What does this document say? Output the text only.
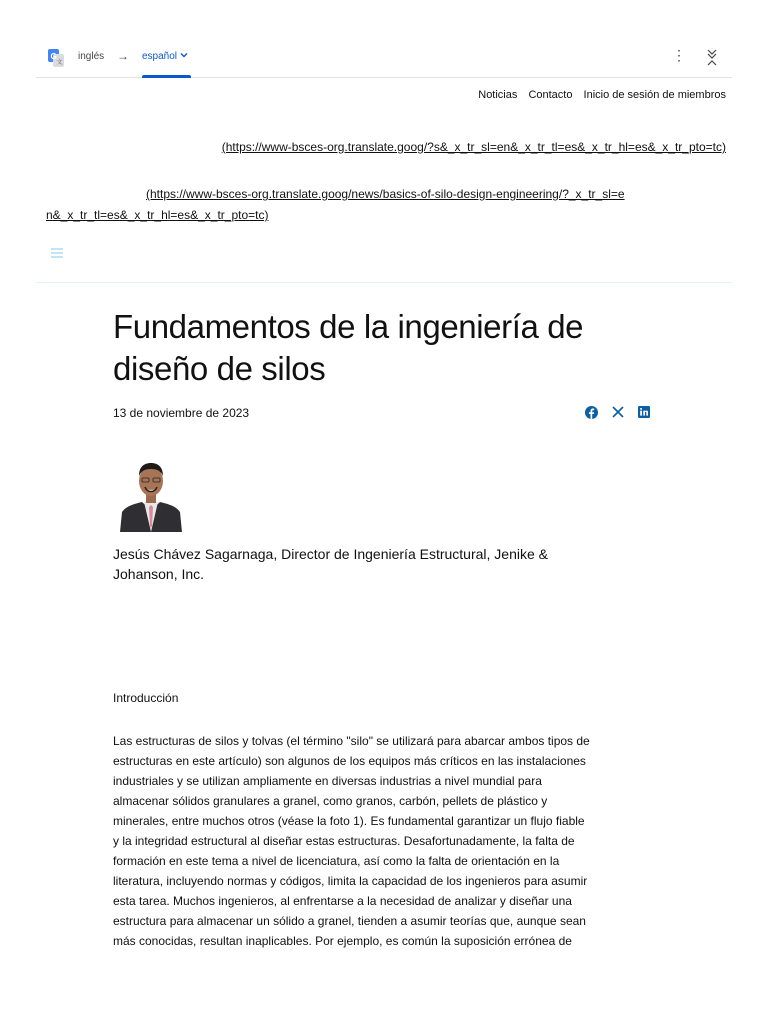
G
文
inglés → español	⋮
Noticias Contacto Inicio de sesión de miembros
(https://www-bsces-org.translate.goog/?s&_x_tr_sl=en&_x_tr_tl=es&_x_tr_hl=es&_x_tr_pto=tc)
(https://www-bsces-org.translate.goog/news/basics-of-silo-design-engineering/?_x_tr_sl=en&_x_tr_tl=es&_x_tr_hl=es&_x_tr_pto=tc)
Fundamentos de la ingeniería de diseño de silos
13 de noviembre de 2023
Jesús Chávez Sagarnaga, Director de Ingeniería Estructural, Jenike & Johanson, Inc.
Introducción
Las estructuras de silos y tolvas (el término "silo" se utilizará para abarcar ambos tipos de estructuras en este artículo) son algunos de los equipos más críticos en las instalaciones industriales y se utilizan ampliamente en diversas industrias a nivel mundial para almacenar sólidos granulares a granel, como granos, carbón, pellets de plástico y minerales, entre muchos otros (véase la foto 1). Es fundamental garantizar un flujo fiable y la integridad estructural al diseñar estas estructuras. Desafortunadamente, la falta de formación en este tema a nivel de licenciatura, así como la falta de orientación en la literatura, incluyendo normas y códigos, limita la capacidad de los ingenieros para asumir esta tarea. Muchos ingenieros, al enfrentarse a la necesidad de analizar y diseñar una estructura para almacenar un sólido a granel, tienden a asumir teorías que, aunque sean más conocidas, resultan inaplicables. Por ejemplo, es común la suposición errónea de
